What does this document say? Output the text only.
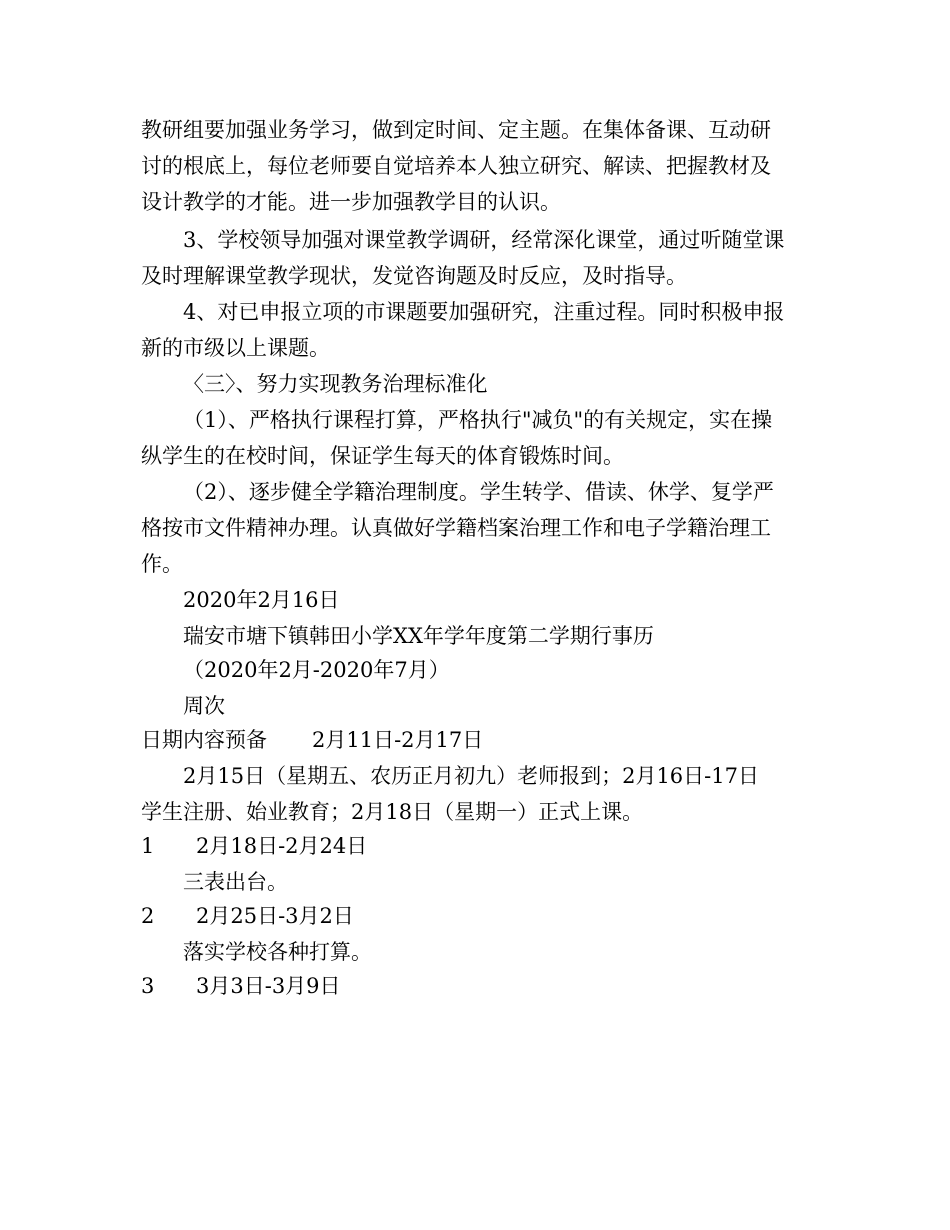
教研组要加强业务学习，做到定时间、定主题。在集体备课、互动研
讨的根底上，每位老师要自觉培养本人独立研究、解读、把握教材及
设计教学的才能。进一步加强教学目的认识。
3、学校领导加强对课堂教学调研，经常深化课堂，通过听随堂课
及时理解课堂教学现状，发觉咨询题及时反应，及时指导。
4、对已申报立项的市课题要加强研究，注重过程。同时积极申报
新的市级以上课题。
〈三〉、努力实现教务治理标准化
（1）、严格执行课程打算，严格执行"减负"的有关规定，实在操
纵学生的在校时间，保证学生每天的体育锻炼时间。
（2）、逐步健全学籍治理制度。学生转学、借读、休学、复学严
格按市文件精神办理。认真做好学籍档案治理工作和电子学籍治理工
作。
2020年2月16日
瑞安市塘下镇韩田小学XX年学年度第二学期行事历
（2020年2月-2020年7月）
周次
日期内容预备 2月11日-2月17日
2月15日（星期五、农历正月初九）老师报到；2月16日-17日
学生注册、始业教育；2月18日（星期一）正式上课。
1 2月18日-2月24日
三表出台。
2 2月25日-3月2日
落实学校各种打算。
3 3月3日-3月9日
